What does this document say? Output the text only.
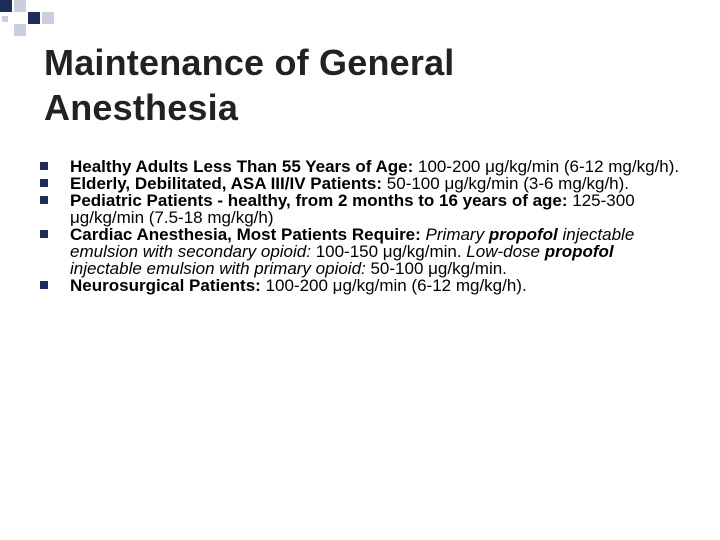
Maintenance of General
Anesthesia
Healthy Adults Less Than 55 Years of Age: 100-200 μg/kg/min (6-12 mg/kg/h).
Elderly, Debilitated, ASA III/IV Patients: 50-100 μg/kg/min (3-6 mg/kg/h).
Pediatric Patients - healthy, from 2 months to 16 years of age: 125-300 μg/kg/min (7.5-18 mg/kg/h)
Cardiac Anesthesia, Most Patients Require: Primary propofol injectable emulsion with secondary opioid: 100-150 μg/kg/min. Low-dose propofol injectable emulsion with primary opioid: 50-100 μg/kg/min.
Neurosurgical Patients: 100-200 μg/kg/min (6-12 mg/kg/h).
